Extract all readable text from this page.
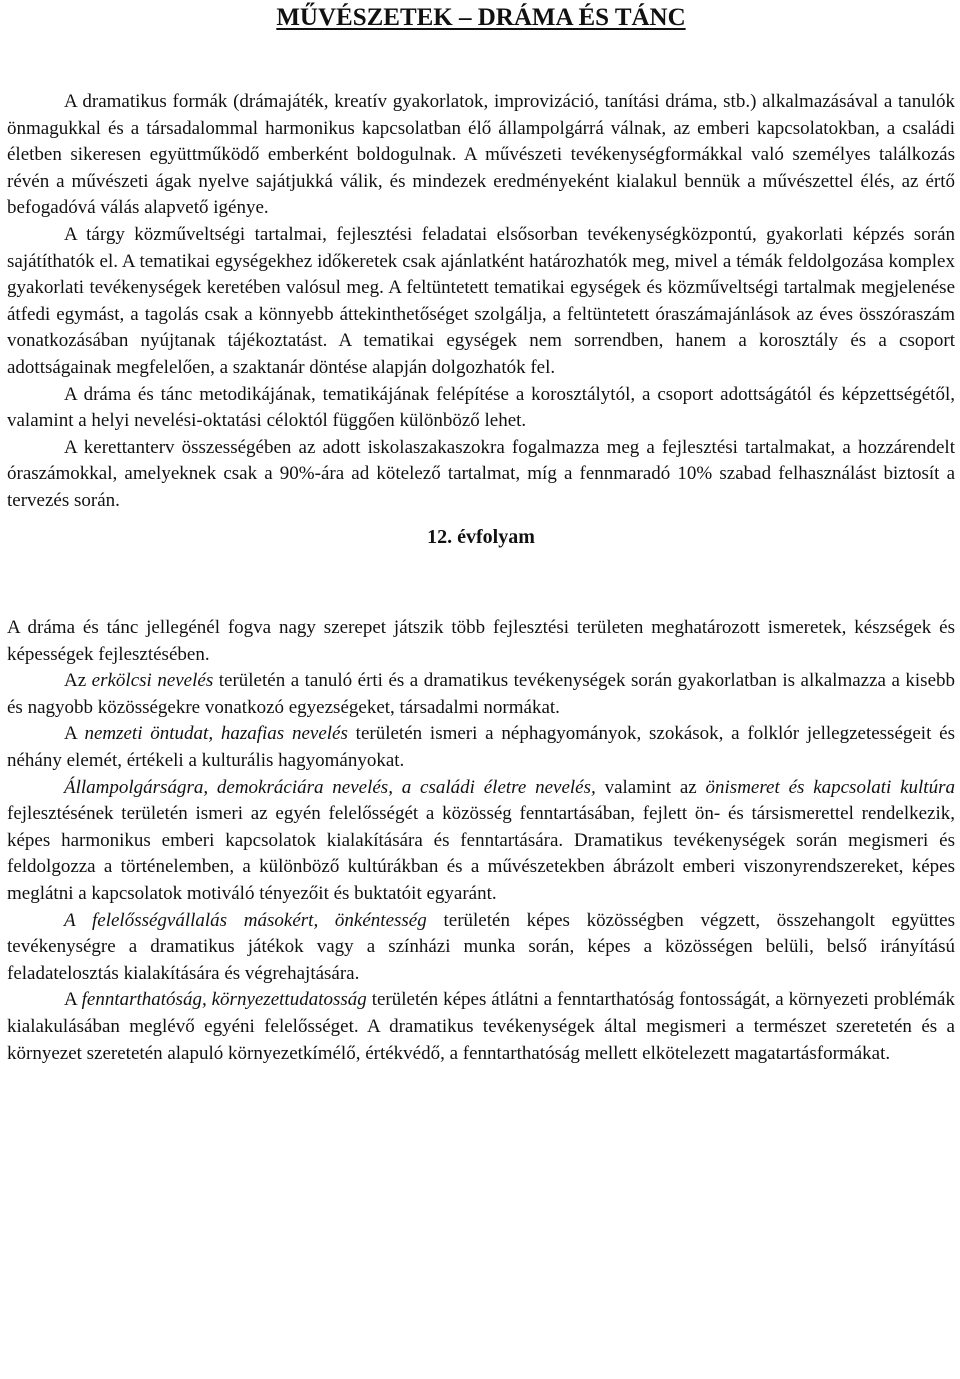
MŰVÉSZETEK – DRÁMA ÉS TÁNC

A dramatikus formák (drámajáték, kreatív gyakorlatok, improvizáció, tanítási dráma, stb.) alkalmazásával a tanulók önmagukkal és a társadalommal harmonikus kapcsolatban élő állampolgárrá válnak, az emberi kapcsolatokban, a családi életben sikeresen együttműködő emberként boldogulnak. A művészeti tevékenységformákkal való személyes találkozás révén a művészeti ágak nyelve sajátjukká válik, és mindezek eredményeként kialakul bennük a művészettel élés, az értő befogadóvá válás alapvető igénye.

A tárgy közműveltségi tartalmai, fejlesztési feladatai elsősorban tevékenységközpontú, gyakorlati képzés során sajátíthatók el. A tematikai egységekhez időkeretek csak ajánlatként határozhatók meg, mivel a témák feldolgozása komplex gyakorlati tevékenységek keretében valósul meg. A feltüntetett tematikai egységek és közműveltségi tartalmak megjelenése átfedi egymást, a tagolás csak a könnyebb áttekinthetőséget szolgálja, a feltüntetett óraszámajánlások az éves összóraszám vonatkozásában nyújtanak tájékoztatást. A tematikai egységek nem sorrendben, hanem a korosztály és a csoport adottságainak megfelelően, a szaktanár döntése alapján dolgozhatók fel.

A dráma és tánc metodikájának, tematikájának felépítése a korosztálytól, a csoport adottságától és képzettségétől, valamint a helyi nevelési-oktatási céloktól függően különböző lehet.

A kerettanterv összességében az adott iskolaszakaszokra fogalmazza meg a fejlesztési tartalmakat, a hozzárendelt óraszámokkal, amelyeknek csak a 90%-ára ad kötelező tartalmat, míg a fennmaradó 10% szabad felhasználást biztosít a tervezés során.

12. évfolyam

A dráma és tánc jellegénél fogva nagy szerepet játszik több fejlesztési területen meghatározott ismeretek, készségek és képességek fejlesztésében.

Az erkölcsi nevelés területén a tanuló érti és a dramatikus tevékenységek során gyakorlatban is alkalmazza a kisebb és nagyobb közösségekre vonatkozó egyezségeket, társadalmi normákat.

A nemzeti öntudat, hazafias nevelés területén ismeri a néphagyományok, szokások, a folklór jellegzetességeit és néhány elemét, értékeli a kulturális hagyományokat.

Állampolgárságra, demokráciára nevelés, a családi életre nevelés, valamint az önismeret és kapcsolati kultúra fejlesztésének területén ismeri az egyén felelősségét a közösség fenntartásában, fejlett ön- és társismerettel rendelkezik, képes harmonikus emberi kapcsolatok kialakítására és fenntartására. Dramatikus tevékenységek során megismeri és feldolgozza a történelemben, a különböző kultúrákban és a művészetekben ábrázolt emberi viszonyrendszereket, képes meglátni a kapcsolatok motiváló tényezőit és buktatóit egyaránt.

A felelősségvállalás másokért, önkéntesség területén képes közösségben végzett, összehangolt együttes tevékenységre a dramatikus játékok vagy a színházi munka során, képes a közösségen belüli, belső irányítású feladatelosztás kialakítására és végrehajtására.

A fenntarthatóság, környezettudatosság területén képes átlátni a fenntarthatóság fontosságát, a környezeti problémák kialakulásában meglévő egyéni felelősséget. A dramatikus tevékenységek által megismeri a természet szeretetén és a környezet szeretetén alapuló környezetkímélő, értékvédő, a fenntarthatóság mellett elkötelezett magatartásformákat.
